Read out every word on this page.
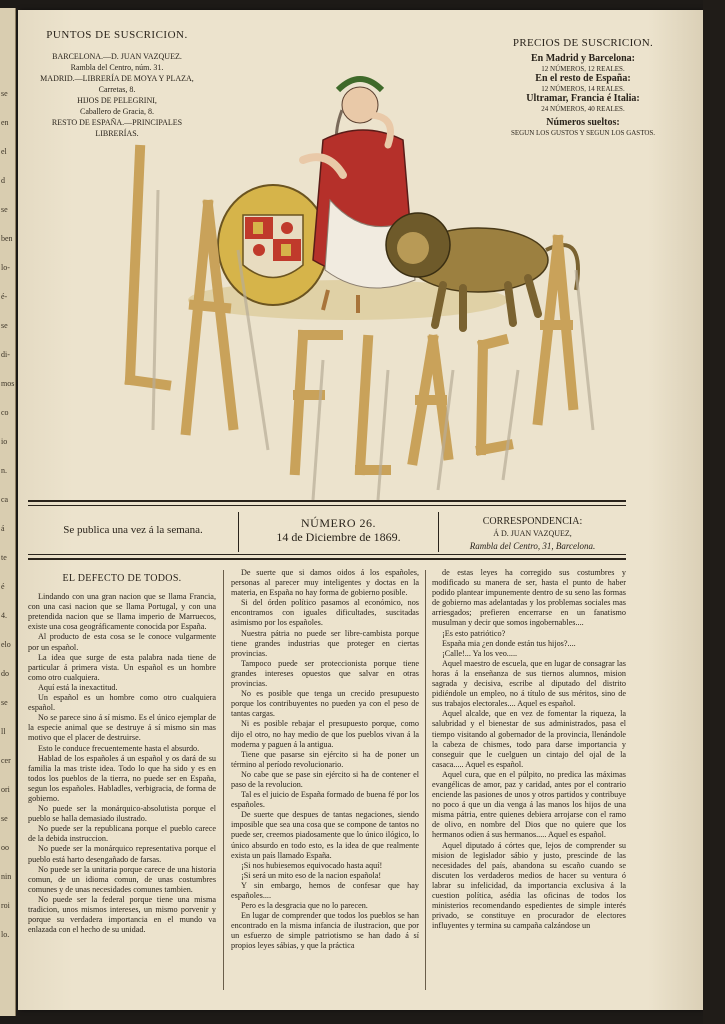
se
en
el
d
se
ben
lo-
é-
se
di-
mos
co
io
n.
ca
á
te
é
4.
elo
do
se
ll
cer
ori
se
oo
nin
roi
lo.
PUNTOS DE SUSCRICION.
BARCELONA.—D. JUAN VAZQUEZ.
Rambla del Centro, núm. 31.
MADRID.—LIBRERÍA DE MOYA Y PLAZA,
Carretas, 8.
HIJOS DE PELEGRINI,
Caballero de Gracia, 8.
RESTO DE ESPAÑA.—PRINCIPALES
LIBRERÍAS.
PRECIOS DE SUSCRICION.
En Madrid y Barcelona:
12 NÚMEROS, 12 REALES.
En el resto de España:
12 NÚMEROS, 14 REALES.
Ultramar, Francia é Italia:
24 NÚMEROS, 40 REALES.
Números sueltos:
SEGUN LOS GUSTOS Y SEGUN LOS GASTOS.
Se publica una vez á la semana.	NÚMERO 26.
14 de Diciembre de 1869.
CORRESPONDENCIA:
Á D. JUAN VAZQUEZ,
Rambla del Centro, 31, Barcelona.

EL DEFECTO DE TODOS.

Lindando con una gran nacion que se llama Francia, con una casi nacion que se llama Portugal, y con una pretendida nacion que se llama imperio de Marruecos, existe una cosa geográficamente conocida por España.

Al producto de esta cosa se le conoce vulgarmente por un español.

La idea que surge de esta palabra nada tiene de particular á primera vista. Un español es un hombre como otro cualquiera.

Aquí está la inexactitud.

Un español es un hombre como otro cualquiera español.

No se parece sino á sí mismo. Es el único ejemplar de la especie animal que se destruye á sí mismo sin mas motivo que el placer de destruirse.

Esto le conduce frecuentemente hasta el absurdo.

Hablad de los españoles á un español y os dará de su familia la mas triste idea. Todo lo que ha sido y es en todos los pueblos de la tierra, no puede ser en España, segun los españoles. Habladles, verbigracia, de forma de gobierno.

No puede ser la monárquico-absolutista porque el pueblo se halla demasiado ilustrado.

No puede ser la republicana porque el pueblo carece de la debida instruccion.

No puede ser la monárquico representativa porque el pueblo está harto desengañado de farsas.

No puede ser la unitaria porque carece de una historia comun, de un idioma comun, de unas costumbres comunes y de unas necesidades comunes tambien.

No puede ser la federal porque tiene una misma tradicion, unos mismos intereses, un mismo porvenir y porque su verdadera importancia en el mundo va enlazada con el hecho de su unidad.

De suerte que si damos oidos á los españoles, personas al parecer muy inteligentes y doctas en la materia, en España no hay forma de gobierno posible.

Si del órden político pasamos al económico, nos encontramos con iguales dificultades, suscitadas asimismo por los españoles.

Nuestra pátria no puede ser libre-cambista porque tiene grandes industrias que proteger en ciertas provincias.

Tampoco puede ser proteccionista porque tiene grandes intereses opuestos que salvar en otras provincias.

No es posible que tenga un crecido presupuesto porque los contribuyentes no pueden ya con el peso de tantas cargas.

Ni es posible rebajar el presupuesto porque, como dijo el otro, no hay medio de que los pueblos vivan á la moderna y paguen á la antigua.

Tiene que pasarse sin ejército si ha de poner un término al período revolucionario.

No cabe que se pase sin ejército si ha de contener el paso de la revolucion.

Tal es el juicio de España formado de buena fé por los españoles.

De suerte que despues de tantas negaciones, siendo imposible que sea una cosa que se compone de tantos no puede ser, creemos piadosamente que lo único ilógico, lo único absurdo en todo esto, es la idea de que realmente exista un país llamado España.

¡Si nos hubiesemos equivocado hasta aquí!

¡Si será un mito eso de la nacion española!

Y sin embargo, hemos de confesar que hay españoles....

Pero es la desgracia que no lo parecen.

En lugar de comprender que todos los pueblos se han encontrado en la misma infancia de ilustracion, que por un esfuerzo de simple patriotismo se han dado á sí propios leyes sábias, y que la práctica

de estas leyes ha corregido sus costumbres y modificado su manera de ser, hasta el punto de haber podido plantear impunemente dentro de su seno las formas de gobierno mas adelantadas y los problemas sociales mas arriesgados; prefieren encerrarse en un fanatismo musulman y decir que somos ingobernables....

¡Es esto patriótico?

España mia ¿en donde están tus hijos?....

¡Calle!... Ya los veo.....

Aquel maestro de escuela, que en lugar de consagrar las horas á la enseñanza de sus tiernos alumnos, mision sagrada y decisiva, escribe al diputado del distrito pidiéndole un empleo, no á título de sus méritos, sino de sus trabajos electorales.... Aquel es español.

Aquel alcalde, que en vez de fomentar la riqueza, la salubridad y el bienestar de sus administrados, pasa el tiempo visitando al gobernador de la provincia, llenándole la cabeza de chismes, todo para darse importancia y conseguir que le cuelguen un cintajo del ojal de la casaca..... Aquel es español.

Aquel cura, que en el púlpito, no predica las máximas evangélicas de amor, paz y caridad, antes por el contrario enciende las pasiones de unos y otros partidos y contribuye no poco á que un dia venga á las manos los hijos de una misma pátria, entre quienes debiera arrojarse con el ramo de olivo, en nombre del Dios que no quiere que los hermanos odien á sus hermanos..... Aquel es español.

Aquel diputado á córtes que, lejos de comprender su mision de legislador sábio y justo, prescinde de las necesidades del país, abandona su escaño cuando se discuten los verdaderos medios de hacer su ventura ó labrar su infelicidad, da importancia exclusiva á la cuestion política, asédia las oficinas de todos los ministerios recomendando espedientes de simple interés privado, se constituye en procurador de electores influyentes y termina su campaña calzándose un
